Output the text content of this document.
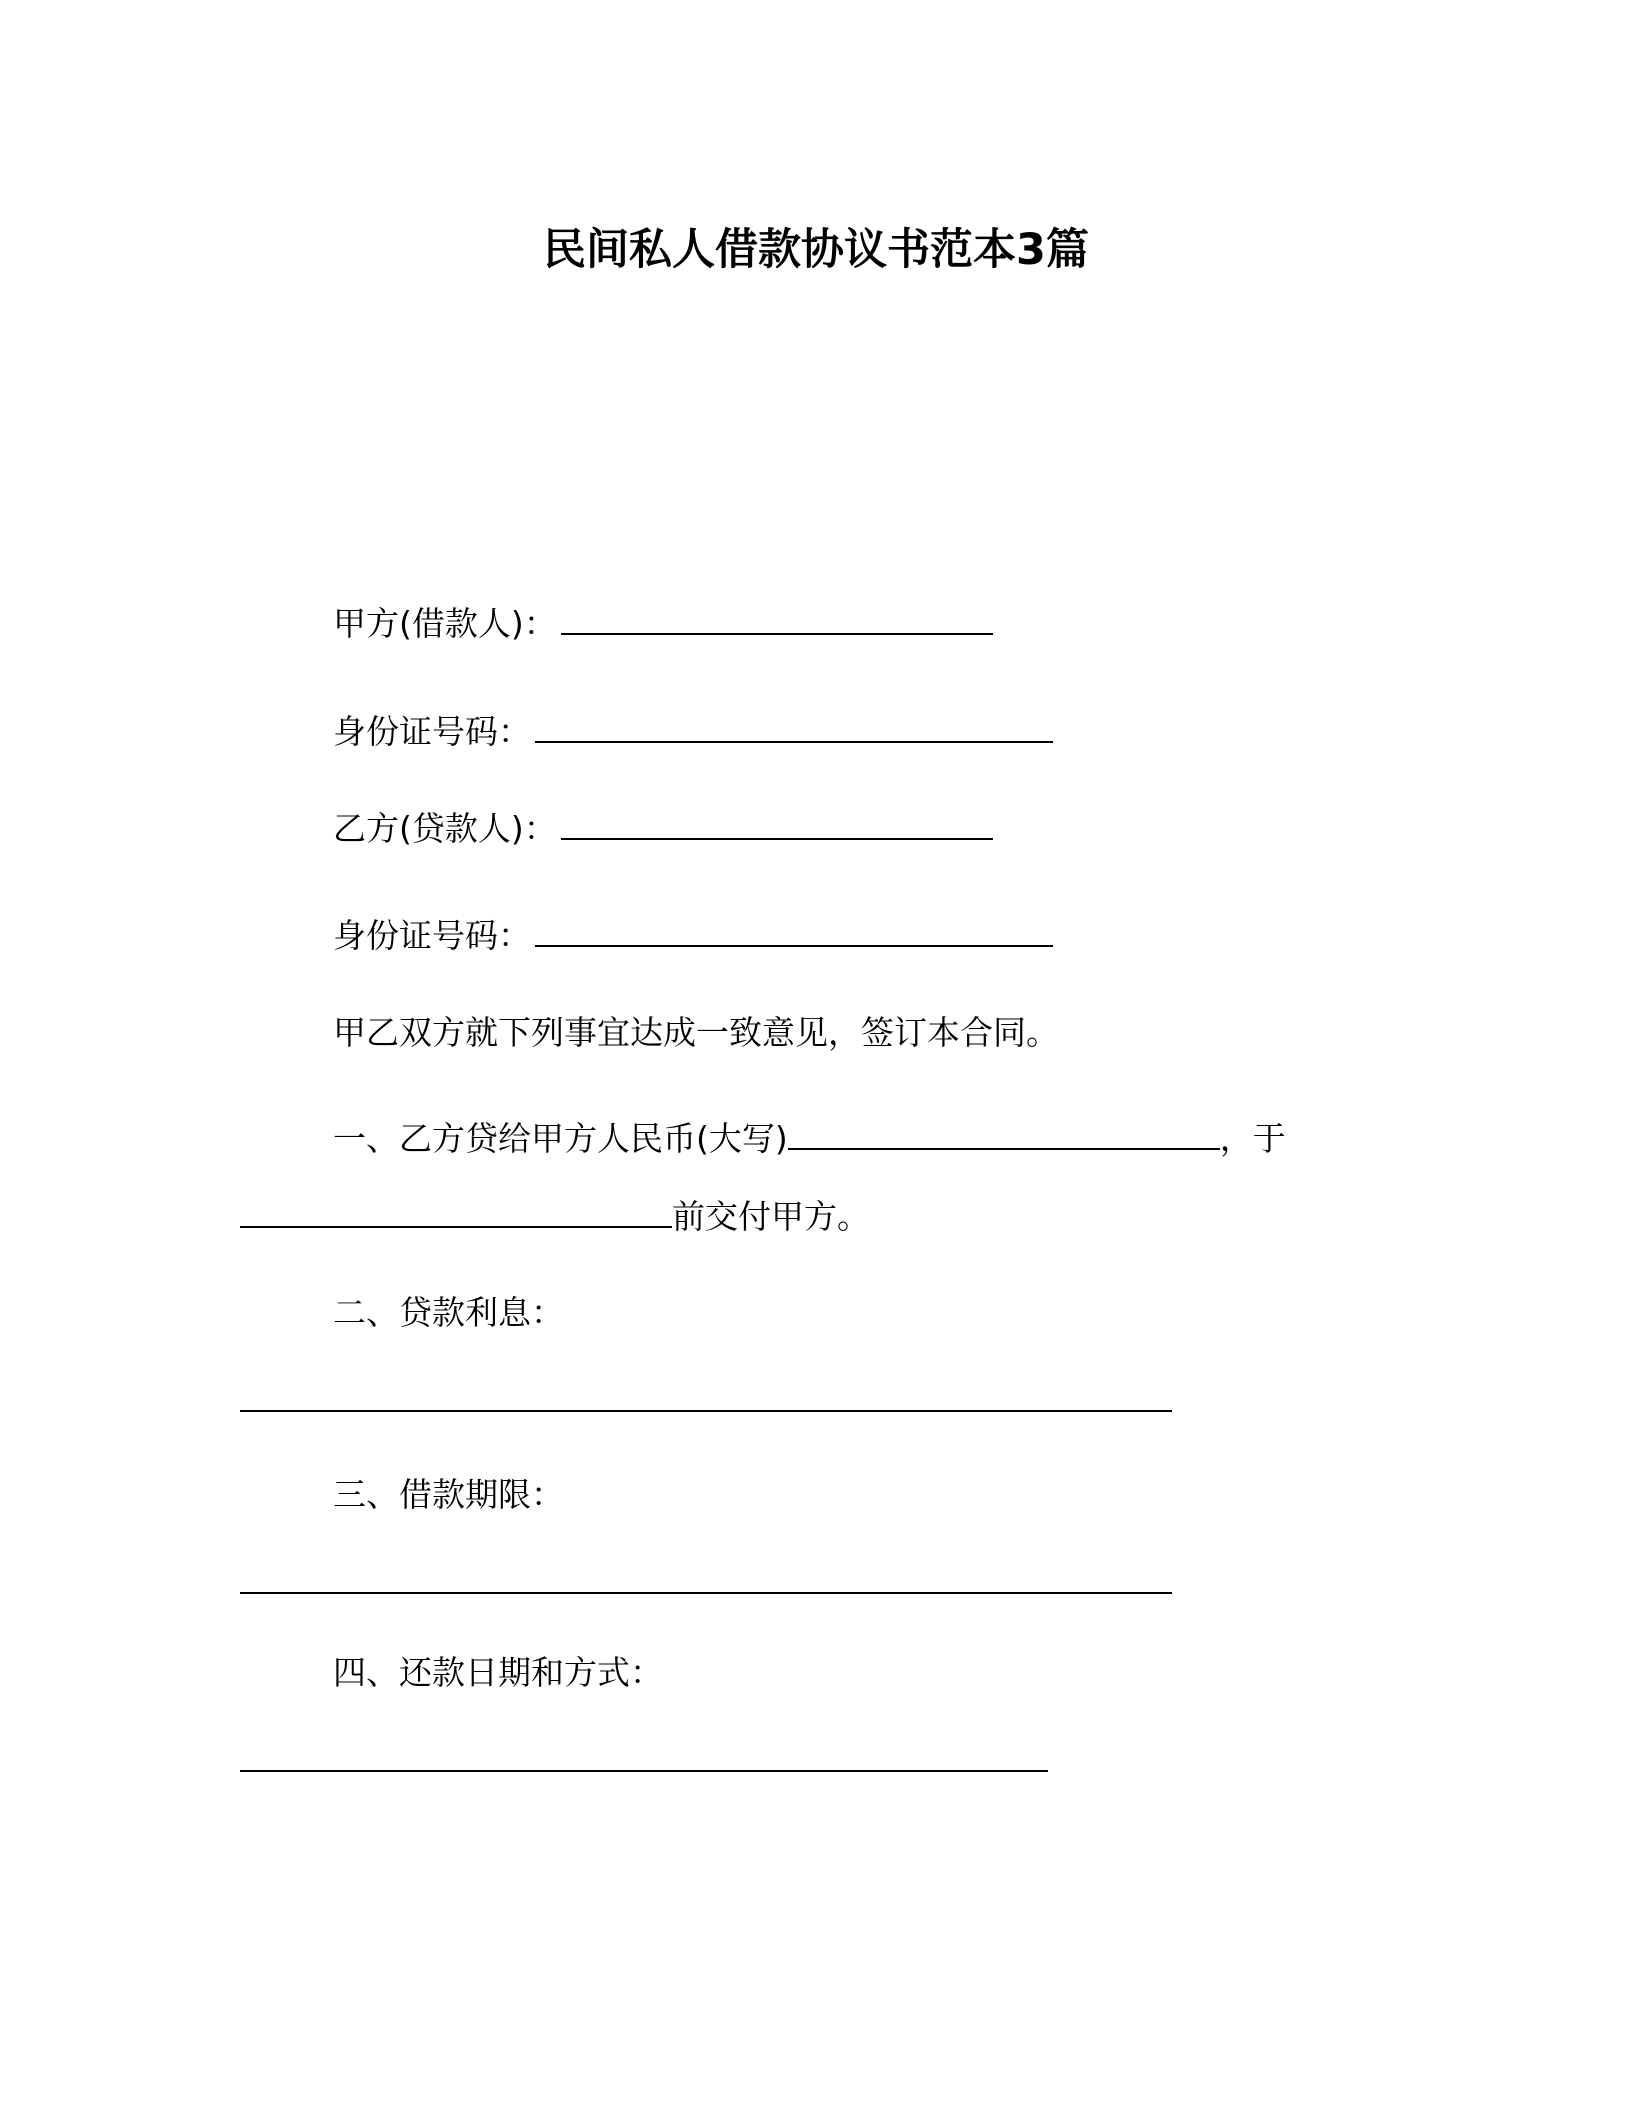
民间私人借款协议书范本3篇
甲方(借款人)：
身份证号码：
乙方(贷款人)：
身份证号码：
甲乙双方就下列事宜达成一致意见，签订本合同。
一、乙方贷给甲方人民币(大写)	，于
前交付甲方。
二、贷款利息：
三、借款期限：
四、还款日期和方式：
